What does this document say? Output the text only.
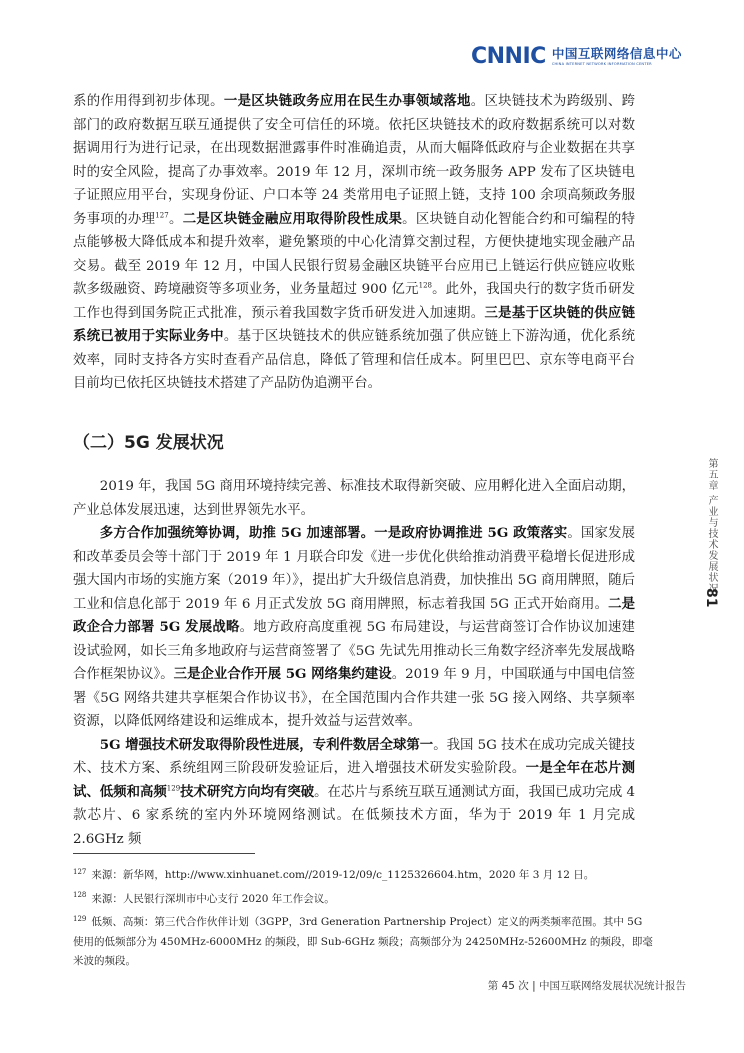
CNNIC 中国互联网络信息中心
CHINA INTERNET NETWORK INFORMATION CENTER

系的作用得到初步体现。一是区块链政务应用在民生办事领域落地。区块链技术为跨级别、跨部门的政府数据互联互通提供了安全可信任的环境。依托区块链技术的政府数据系统可以对数据调用行为进行记录，在出现数据泄露事件时准确追责，从而大幅降低政府与企业数据在共享时的安全风险，提高了办事效率。2019 年 12 月，深圳市统一政务服务 APP 发布了区块链电子证照应用平台，实现身份证、户口本等 24 类常用电子证照上链，支持 100 余项高频政务服务事项的办理$^{127}$。二是区块链金融应用取得阶段性成果。区块链自动化智能合约和可编程的特点能够极大降低成本和提升效率，避免繁琐的中心化清算交割过程，方便快捷地实现金融产品交易。截至 2019 年 12 月，中国人民银行贸易金融区块链平台应用已上链运行供应链应收账款多级融资、跨境融资等多项业务，业务量超过 900 亿元$^{128}$。此外，我国央行的数字货币研发工作也得到国务院正式批准，预示着我国数字货币研发进入加速期。三是基于区块链的供应链系统已被用于实际业务中。基于区块链技术的供应链系统加强了供应链上下游沟通，优化系统效率，同时支持各方实时查看产品信息，降低了管理和信任成本。阿里巴巴、京东等电商平台目前均已依托区块链技术搭建了产品防伪追溯平台。

（二）5G 发展状况

2019 年，我国 5G 商用环境持续完善、标准技术取得新突破、应用孵化进入全面启动期，产业总体发展迅速，达到世界领先水平。

多方合作加强统筹协调，助推 5G 加速部署。一是政府协调推进 5G 政策落实。国家发展和改革委员会等十部门于 2019 年 1 月联合印发《进一步优化供给推动消费平稳增长促进形成强大国内市场的实施方案（2019 年）》，提出扩大升级信息消费，加快推出 5G 商用牌照，随后工业和信息化部于 2019 年 6 月正式发放 5G 商用牌照，标志着我国 5G 正式开始商用。二是政企合力部署 5G 发展战略。地方政府高度重视 5G 布局建设，与运营商签订合作协议加速建设试验网，如长三角多地政府与运营商签署了《5G 先试先用推动长三角数字经济率先发展战略合作框架协议》。三是企业合作开展 5G 网络集约建设。2019 年 9 月，中国联通与中国电信签署《5G 网络共建共享框架合作协议书》，在全国范围内合作共建一张 5G 接入网络、共享频率资源，以降低网络建设和运维成本，提升效益与运营效率。

5G 增强技术研发取得阶段性进展，专利件数居全球第一。我国 5G 技术在成功完成关键技术、技术方案、系统组网三阶段研发验证后，进入增强技术研发实验阶段。一是全年在芯片测试、低频和高频$^{129}$技术研究方向均有突破。在芯片与系统互联互通测试方面，我国已成功完成 4 款芯片、6 家系统的室内外环境网络测试。在低频技术方面，华为于 2019 年 1 月完成 2.6GHz 频

$^{127}$ 来源：新华网，http://www.xinhuanet.com//2019-12/09/c_1125326604.htm，2020 年 3 月 12 日。

$^{128}$ 来源：人民银行深圳市中心支行 2020 年工作会议。

$^{129}$ 低频、高频：第三代合作伙伴计划（3GPP，3rd Generation Partnership Project）定义的两类频率范围。其中 5G 使用的低频部分为 450MHz-6000MHz 的频段，即 Sub-6GHz 频段；高频部分为 24250MHz-52600MHz 的频段，即毫米波的频段。

第五章 产业与技术发展状况
81
第 45 次 | 中国互联网络发展状况统计报告
